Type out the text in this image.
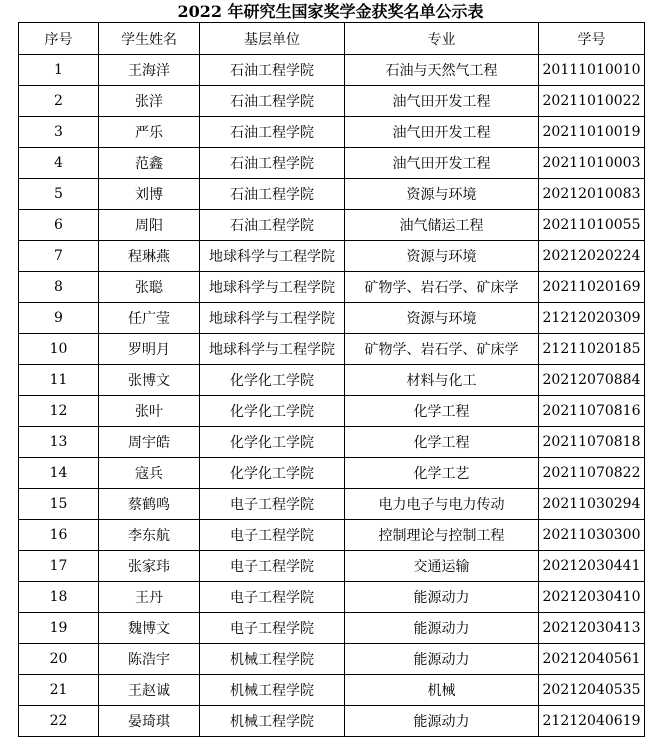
2022 年研究生国家奖学金获奖名单公示表
序号	学生姓名	基层单位	专业	学号
1	王海洋	石油工程学院	石油与天然气工程	20111010010
2	张洋	石油工程学院	油气田开发工程	20211010022
3	严乐	石油工程学院	油气田开发工程	20211010019
4	范鑫	石油工程学院	油气田开发工程	20211010003
5	刘博	石油工程学院	资源与环境	20212010083
6	周阳	石油工程学院	油气储运工程	20211010055
7	程琳燕	地球科学与工程学院	资源与环境	20212020224
8	张聪	地球科学与工程学院	矿物学、岩石学、矿床学	20211020169
9	任广莹	地球科学与工程学院	资源与环境	21212020309
10	罗明月	地球科学与工程学院	矿物学、岩石学、矿床学	21211020185
11	张博文	化学化工学院	材料与化工	20212070884
12	张叶	化学化工学院	化学工程	20211070816
13	周宇皓	化学化工学院	化学工程	20211070818
14	寇兵	化学化工学院	化学工艺	20211070822
15	蔡鹤鸣	电子工程学院	电力电子与电力传动	20211030294
16	李东航	电子工程学院	控制理论与控制工程	20211030300
17	张家玮	电子工程学院	交通运输	20212030441
18	王丹	电子工程学院	能源动力	20212030410
19	魏博文	电子工程学院	能源动力	20212030413
20	陈浩宇	机械工程学院	能源动力	20212040561
21	王赵诚	机械工程学院	机械	20212040535
22	晏琦琪	机械工程学院	能源动力	21212040619
